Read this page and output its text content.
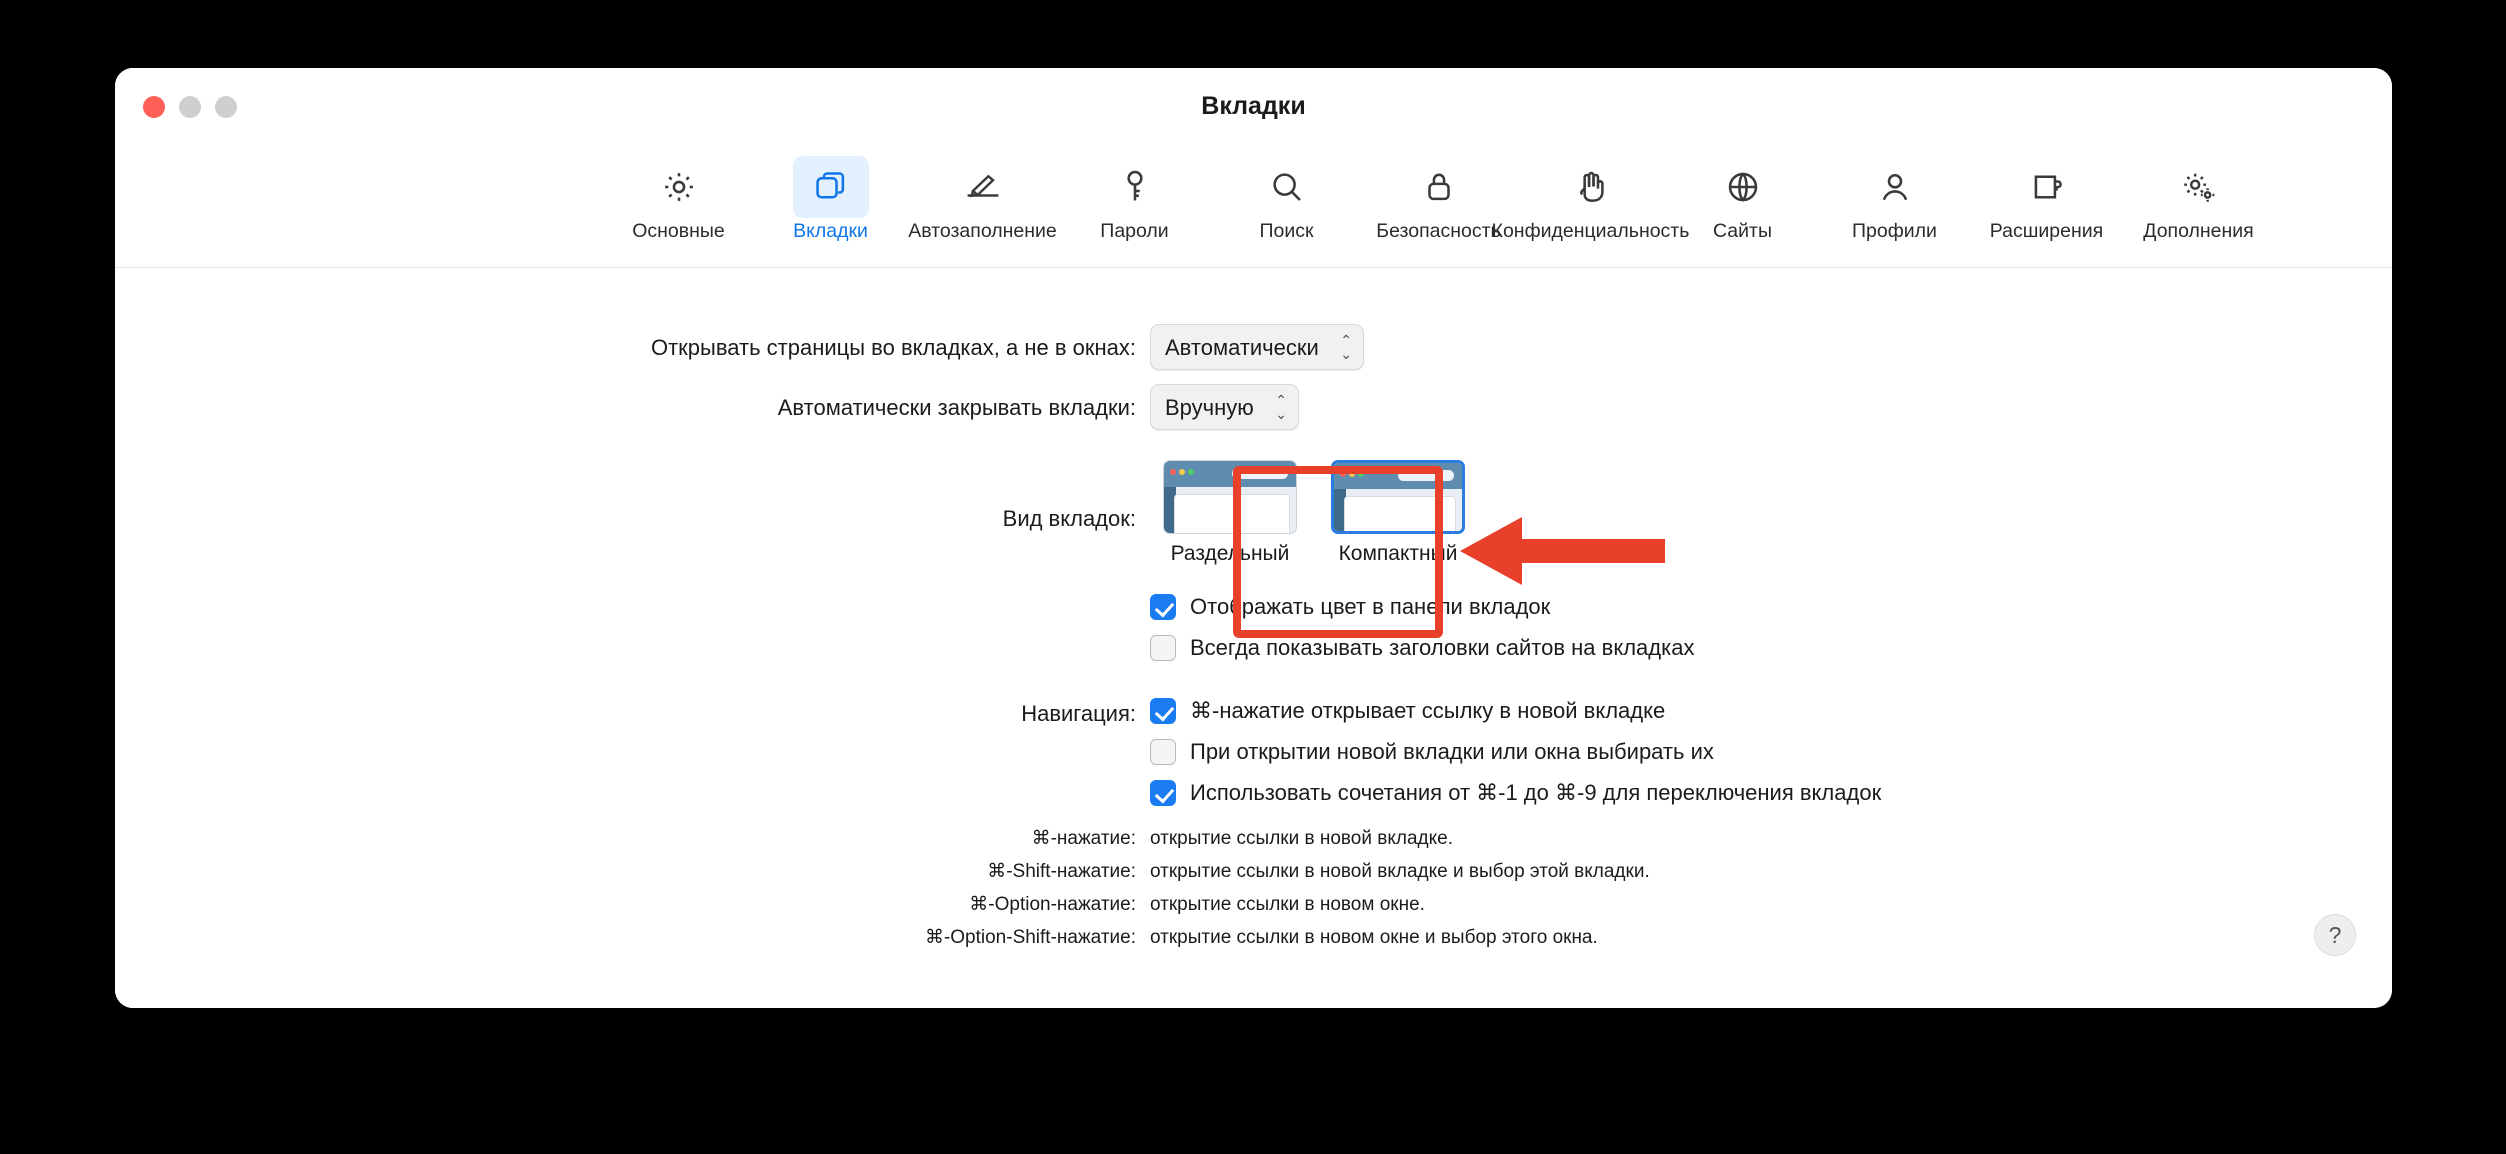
Вкладки
Основные	Вкладки Автозаполнение Пароли	Поиск	Безопасность
Конфиденциальность Сайты	Профили	Расширения Дополнения
Открывать страницы во вкладках, а не в окнах:
Автоматически	⌃
⌄
Автоматически закрывать вкладки:
Вручную	⌃
⌄
Вид вкладок:
Раздельный Компактный
Отображать цвет в панели вкладок
Всегда показывать заголовки сайтов на вкладках
Навигация:	⌘-нажатие открывает ссылку в новой вкладке
При открытии новой вкладки или окна выбирать их
Использовать сочетания от ⌘-1 до ⌘-9 для переключения вкладок
⌘-нажатие: открытие ссылки в новой вкладке.
⌘-Shift-нажатие: открытие ссылки в новой вкладке и выбор этой вкладки.
⌘-Option-нажатие: открытие ссылки в новом окне.
⌘-Option-Shift-нажатие: открытие ссылки в новом окне и выбор этого окна.	?
